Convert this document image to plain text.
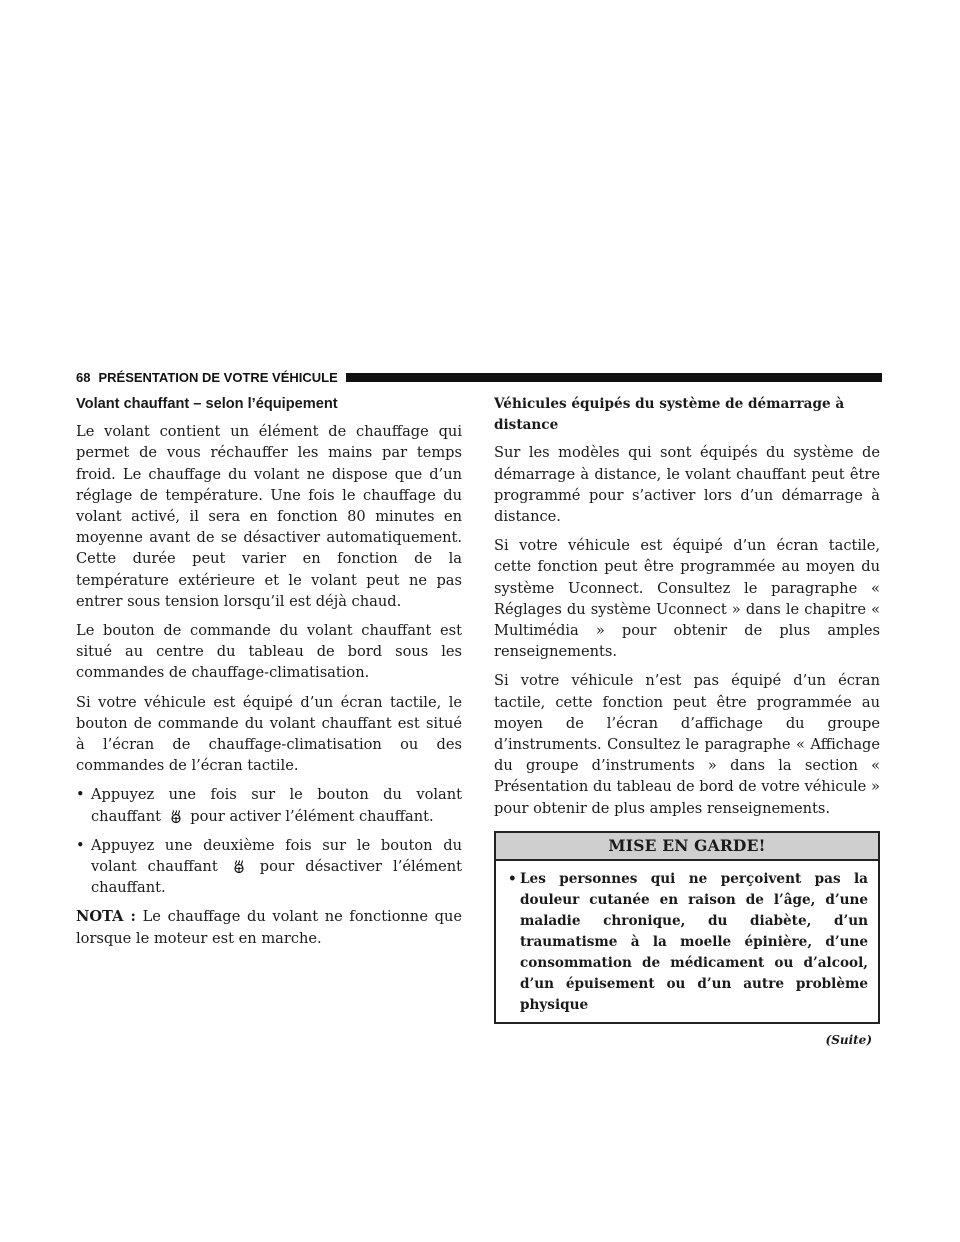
68 PRÉSENTATION DE VOTRE VÉHICULE
Volant chauffant – selon l’équipement

Le volant contient un élément de chauffage qui permet de vous réchauffer les mains par temps froid. Le chauffage du volant ne dispose que d’un réglage de température. Une fois le chauffage du volant activé, il sera en fonction 80 minutes en moyenne avant de se désactiver automatiquement. Cette durée peut varier en fonction de la température extérieure et le volant peut ne pas entrer sous tension lorsqu’il est déjà chaud.

Le bouton de commande du volant chauffant est situé au centre du tableau de bord sous les commandes de chauffage-climatisation.

Si votre véhicule est équipé d’un écran tactile, le bouton de commande du volant chauffant est situé à l’écran de chauffage-climatisation ou des commandes de l’écran tactile.

• Appuyez une fois sur le bouton du volant chauffant pour activer l’élément chauffant.
• Appuyez une deuxième fois sur le bouton du volant chauffant	pour désactiver l’élément chauffant.

NOTA : Le chauffage du volant ne fonctionne que lorsque le moteur est en marche.

Véhicules équipés du système de démarrage à distance

Sur les modèles qui sont équipés du système de démarrage à distance, le volant chauffant peut être programmé pour s’activer lors d’un démarrage à distance.

Si votre véhicule est équipé d’un écran tactile, cette fonction peut être programmée au moyen du système Uconnect. Consultez le paragraphe « Réglages du système Uconnect » dans le chapitre « Multimédia » pour obtenir de plus amples renseignements.

Si votre véhicule n’est pas équipé d’un écran tactile, cette fonction peut être programmée au moyen de l’écran d’affichage du groupe d’instruments. Consultez le paragraphe « Affichage du groupe d’instruments » dans la section « Présentation du tableau de bord de votre véhicule » pour obtenir de plus amples renseignements.

MISE EN GARDE!
• Les personnes qui ne perçoivent pas la douleur cutanée en raison de l’âge, d’une maladie chronique, du diabète, d’un traumatisme à la moelle épinière, d’une consommation de médicament ou d’alcool, d’un épuisement ou d’un autre problème physique
(Suite)
